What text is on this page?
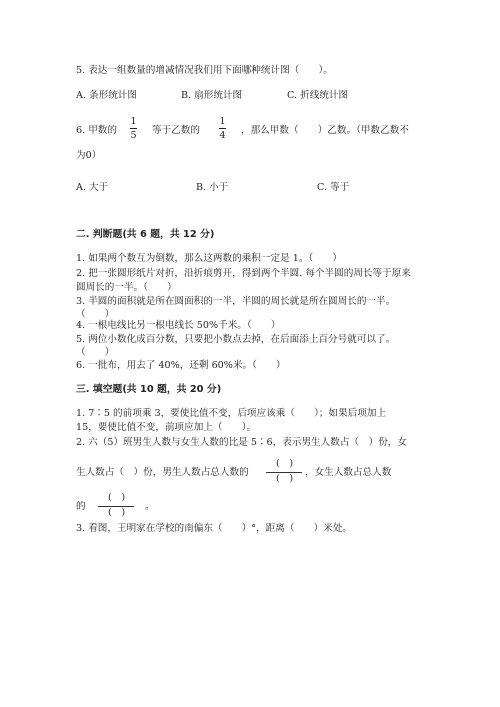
5. 表达一组数量的增减情况我们用下面哪种统计图（　　）。
A. 条形统计图	B. 扇形统计图	C. 折线统计图
6. 甲数的
1
5 等于乙数的
1
4 ，那么甲数（　　）乙数。（甲数乙数不
为0）
A. 大于	B. 小于	C. 等于
二. 判断题(共 6 题，共 12 分)
1. 如果两个数互为倒数，那么这两数的乘积一定是 1。（　　）
2. 把一张圆形纸片对折，沿折痕剪开，得到两个半圆. 每个半圆的周长等于原来
圆周长的一半。（　　）
3. 半圆的面积就是所在圆面积的一半，半圆的周长就是所在圆周长的一半。
（　　）
4. 一根电线比另一根电线长 50%千米。（　　）
5. 两位小数化成百分数，只要把小数点去掉，在后面添上百分号就可以了。
（　　）
6. 一批布，用去了 40%，还剩 60%米。（　　）
三. 填空题(共 10 题，共 20 分)
1. 7∶5 的前项乘 3，要使比值不变，后项应该乘（　　）；如果后项加上
15，要使比值不变，前项应加上（　　）。
2. 六（5）班男生人数与女生人数的比是 5∶6，表示男生人数占（　）份，女
生人数占（　）份，男生人数占总人数的
(　)
(　)
，女生人数占总人数
的
(　)
(　)
。
3. 看图，王明家在学校的南偏东（　　）°，距离（　　）米处。
